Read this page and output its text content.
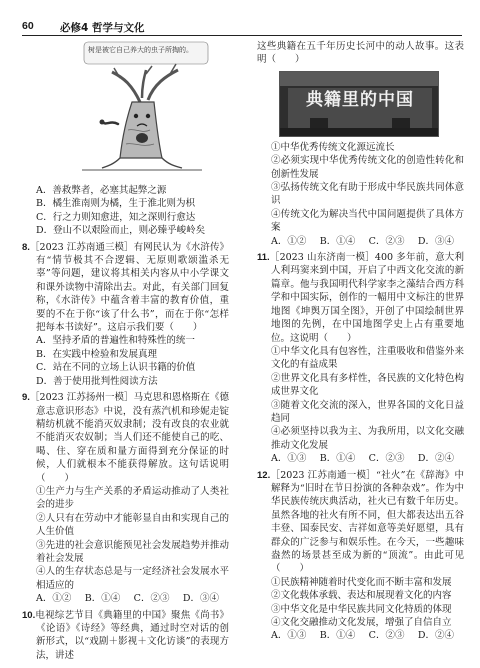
60	必修4 哲学与文化
树是被它自己养大的虫子所掏的。
A．善救弊者，必塞其起弊之源
B．橘生淮南则为橘，生于淮北则为枳
C．行之力则知愈进，知之深则行愈达
D．登山不以艰险而止，则必臻乎峻岭矣
8.［2023 江苏南通三模］有网民认为《水浒传》有“情节极其不合逻辑、无原则歌颂滥杀无辜”等问题，建议将其相关内容从中小学课文和课外读物中清除出去。对此，有关部门回复称，《水浒传》中蕴含着丰富的教育价值，重要的不在于你“该了什么书”，而在于你“怎样把每本书读好”。这启示我们要（　　）
A．坚持矛盾的普遍性和特殊性的统一
B．在实践中检验和发展真理
C．站在不同的立场上认识书籍的价值
D．善于使用批判性阅读方法
9.［2023 江苏扬州一模］马克思和恩格斯在《德意志意识形态》中说，没有蒸汽机和珍妮走锭精纺机就不能消灭奴隶制；没有改良的农业就不能消灭农奴制；当人们还不能使自己的吃、喝、住、穿在质和量方面得到充分保证的时候，人们就根本不能获得解放。这句话说明（　　）
①生产力与生产关系的矛盾运动推动了人类社会的进步
②人只有在劳动中才能彰显自由和实现自己的人生价值
③先进的社会意识能预见社会发展趋势并推动着社会发展
④人的生存状态总是与一定经济社会发展水平相适应的
A．①② B．①④ C．②③ D．③④
10.电视综艺节目《典籍里的中国》聚焦《尚书》《论语》《诗经》等经典，通过时空对话的创新形式，以“戏剧＋影视＋文化访谈”的表现方法，讲述
这些典籍在五千年历史长河中的动人故事。这表明（　　）
典籍里的中国
①中华优秀传统文化源远流长
②必须实现中华优秀传统文化的创造性转化和创新性发展
③弘扬传统文化有助于形成中华民族共同体意识
④传统文化为解决当代中国问题提供了具体方案
A．①② B．①④ C．②③ D．③④
11.［2023 山东济南一模］400 多年前，意大利人利玛窦来到中国，开启了中西文化交流的新篇章。他与我国明代科学家李之藻结合西方科学和中国实际，创作的一幅用中文标注的世界地图《坤舆万国全图》，开创了中国绘制世界地图的先例，在中国地图学史上占有重要地位。这说明（　　）
①中华文化具有包容性，注重吸收和借鉴外来文化的有益成果
②世界文化具有多样性，各民族的文化特色构成世界文化
③随着文化交流的深入，世界各国的文化日益趋同
④必须坚持以我为主、为我所用，以文化交融推动文化发展
A．①③ B．①④ C．②③ D．②④
12.［2023 江苏南通一模］“社火”在《辞海》中解释为“旧时在节日扮演的各种杂戏”。作为中华民族传统庆典活动，社火已有数千年历史。虽然各地的社火有所不同，但大都表达出五谷丰登、国泰民安、吉祥如意等美好愿望，具有群众的广泛参与和娱乐性。在今天，一些趣味盎然的场景甚至成为新的“顶流”。由此可见（　　）
①民族精神随着时代变化而不断丰富和发展
②文化载体承载、表达和展现着文化的内容
③中华文化是中华民族共同文化特质的体现
④文化交融推动文化发展，增强了自信自立
A．①③ B．①④ C．②③ D．②④
